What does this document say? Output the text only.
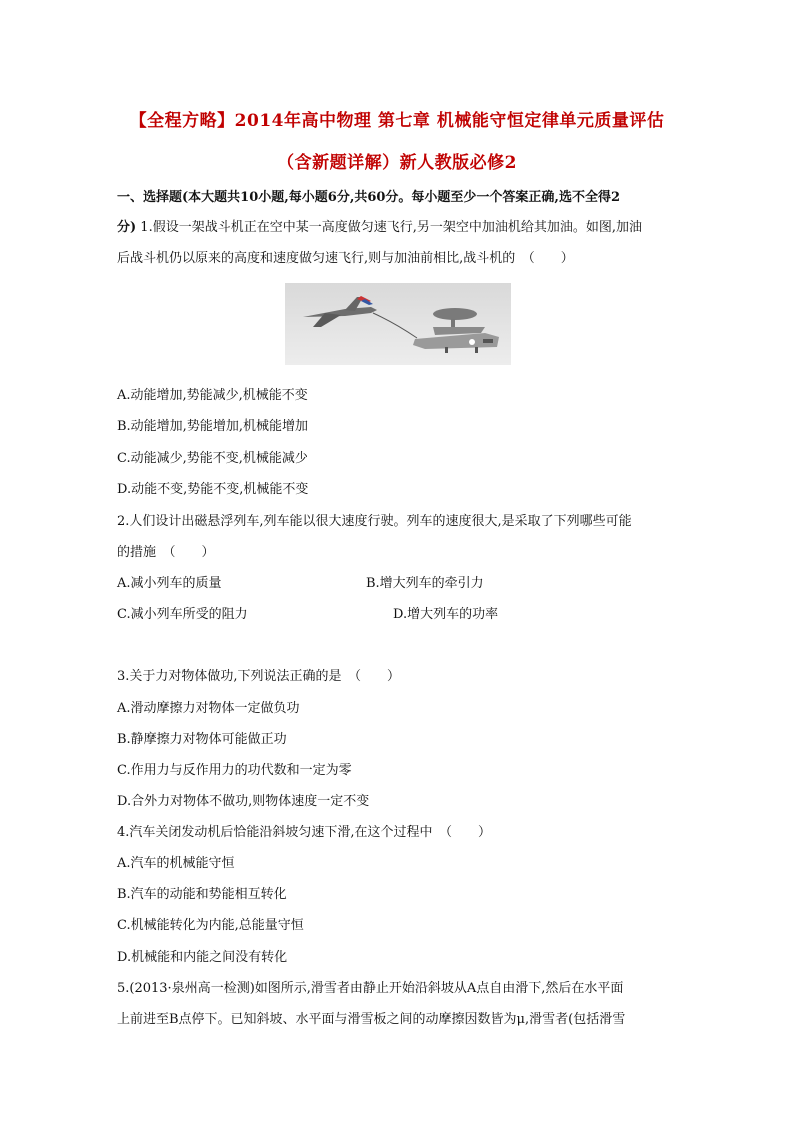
【全程方略】2014年高中物理 第七章 机械能守恒定律单元质量评估
（含新题详解）新人教版必修2
一、选择题(本大题共10小题,每小题6分,共60分。每小题至少一个答案正确,选不全得2
分) 1.假设一架战斗机正在空中某一高度做匀速飞行,另一架空中加油机给其加油。如图,加油
后战斗机仍以原来的高度和速度做匀速飞行,则与加油前相比,战斗机的　（　　）
A.动能增加,势能减少,机械能不变
B.动能增加,势能增加,机械能增加
C.动能减少,势能不变,机械能减少
D.动能不变,势能不变,机械能不变
2.人们设计出磁悬浮列车,列车能以很大速度行驶。列车的速度很大,是采取了下列哪些可能
的措施　（　　）
A.减小列车的质量	B.增大列车的牵引力
C.减小列车所受的阻力	D.增大列车的功率
3.关于力对物体做功,下列说法正确的是　（　　）
A.滑动摩擦力对物体一定做负功
B.静摩擦力对物体可能做正功
C.作用力与反作用力的功代数和一定为零
D.合外力对物体不做功,则物体速度一定不变
4.汽车关闭发动机后恰能沿斜坡匀速下滑,在这个过程中　（　　）
A.汽车的机械能守恒
B.汽车的动能和势能相互转化
C.机械能转化为内能,总能量守恒
D.机械能和内能之间没有转化
5.(2013·泉州高一检测)如图所示,滑雪者由静止开始沿斜坡从A点自由滑下,然后在水平面
上前进至B点停下。已知斜坡、水平面与滑雪板之间的动摩擦因数皆为μ,滑雪者(包括滑雪
